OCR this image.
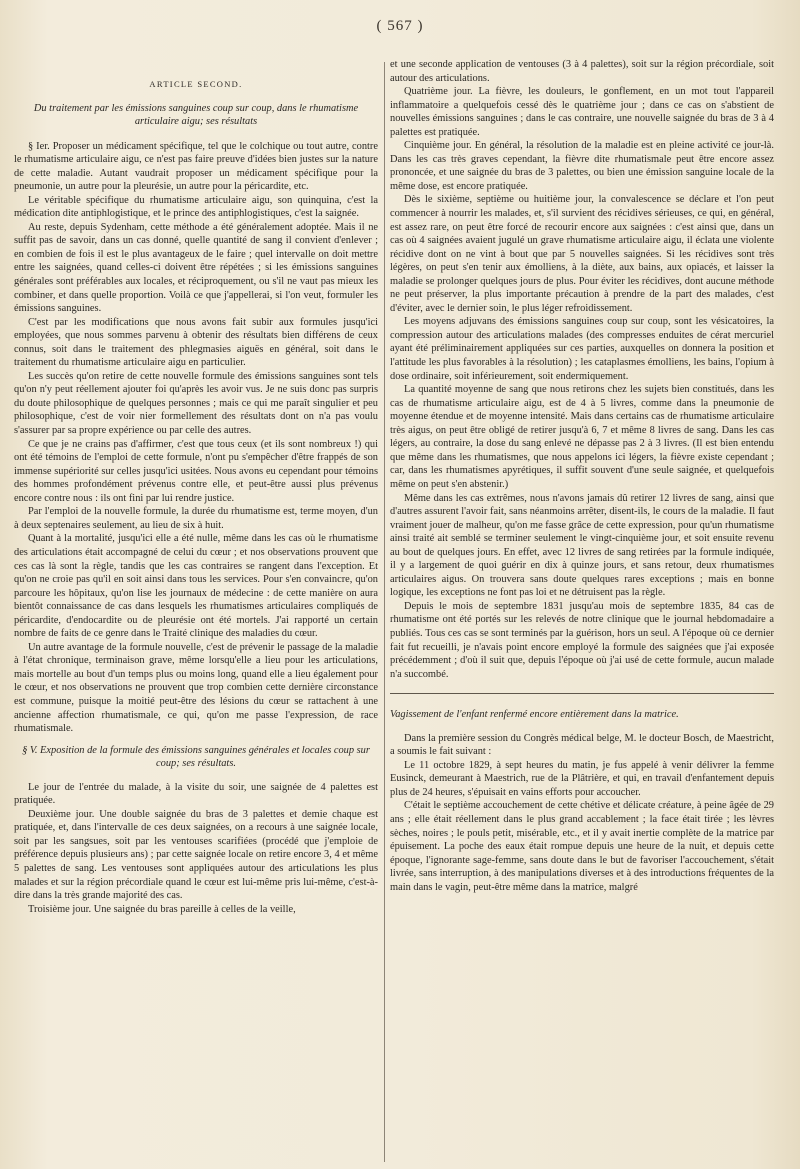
( 567 )

ARTICLE SECOND.

Du traitement par les émissions sanguines coup sur coup, dans le rhumatisme articulaire aigu; ses résultats

§ Ier. Proposer un médicament spécifique, tel que le colchique ou tout autre, contre le rhumatisme articulaire aigu, ce n'est pas faire preuve d'idées bien justes sur la nature de cette maladie. Autant vaudrait proposer un médicament spécifique pour la pneumonie, un autre pour la pleurésie, un autre pour la péricardite, etc.

Le véritable spécifique du rhumatisme articulaire aigu, son quinquina, c'est la médication dite antiphlogistique, et le prince des antiphlogistiques, c'est la saignée.

Au reste, depuis Sydenham, cette méthode a été généralement adoptée. Mais il ne suffit pas de savoir, dans un cas donné, quelle quantité de sang il convient d'enlever ; en combien de fois il est le plus avantageux de le faire ; quel intervalle on doit mettre entre les saignées, quand celles-ci doivent être répétées ; si les émissions sanguines générales sont préférables aux locales, et réciproquement, ou s'il ne vaut pas mieux les combiner, et dans quelle proportion. Voilà ce que j'appellerai, si l'on veut, formuler les émissions sanguines.

C'est par les modifications que nous avons fait subir aux formules jusqu'ici employées, que nous sommes parvenu à obtenir des résultats bien différens de ceux connus, soit dans le traitement des phlegmasies aiguës en général, soit dans le traitement du rhumatisme articulaire aigu en particulier.

Les succès qu'on retire de cette nouvelle formule des émissions sanguines sont tels qu'on n'y peut réellement ajouter foi qu'après les avoir vus. Je ne suis donc pas surpris du doute philosophique de quelques personnes ; mais ce qui me paraît singulier et peu philosophique, c'est de voir nier formellement des résultats dont on n'a pas voulu s'assurer par sa propre expérience ou par celle des autres.

Ce que je ne crains pas d'affirmer, c'est que tous ceux (et ils sont nombreux !) qui ont été témoins de l'emploi de cette formule, n'ont pu s'empêcher d'être frappés de son immense supériorité sur celles jusqu'ici usitées. Nous avons eu cependant pour témoins des hommes profondément prévenus contre elle, et peut-être aussi plus prévenus encore contre nous : ils ont fini par lui rendre justice.

Par l'emploi de la nouvelle formule, la durée du rhumatisme est, terme moyen, d'un à deux septenaires seulement, au lieu de six à huit.

Quant à la mortalité, jusqu'ici elle a été nulle, même dans les cas où le rhumatisme des articulations était accompagné de celui du cœur ; et nos observations prouvent que ces cas là sont la règle, tandis que les cas contraires se rangent dans l'exception. Et qu'on ne croie pas qu'il en soit ainsi dans tous les services. Pour s'en convaincre, qu'on parcoure les hôpitaux, qu'on lise les journaux de médecine : de cette manière on aura bientôt connaissance de cas dans lesquels les rhumatismes articulaires compliqués de péricardite, d'endocardite ou de pleurésie ont été mortels. J'ai rapporté un certain nombre de faits de ce genre dans le Traité clinique des maladies du cœur.

Un autre avantage de la formule nouvelle, c'est de prévenir le passage de la maladie à l'état chronique, terminaison grave, même lorsqu'elle a lieu pour les articulations, mais mortelle au bout d'un temps plus ou moins long, quand elle a lieu également pour le cœur, et nos observations ne prouvent que trop combien cette dernière circonstance est commune, puisque la moitié peut-être des lésions du cœur se rattachent à une ancienne affection rhumatismale, ce qui, qu'on me passe l'expression, de race rhumatismale.

§ V. Exposition de la formule des émissions sanguines générales et locales coup sur coup; ses résultats.

Le jour de l'entrée du malade, à la visite du soir, une saignée de 4 palettes est pratiquée.

Deuxième jour. Une double saignée du bras de 3 palettes et demie chaque est pratiquée, et, dans l'intervalle de ces deux saignées, on a recours à une saignée locale, soit par les sangsues, soit par les ventouses scarifiées (procédé que j'emploie de préférence depuis plusieurs ans) ; par cette saignée locale on retire encore 3, 4 et même 5 palettes de sang. Les ventouses sont appliquées autour des articulations les plus malades et sur la région précordiale quand le cœur est lui-même pris lui-même, c'est-à-dire dans la très grande majorité des cas.

Troisième jour. Une saignée du bras pareille à celles de la veille,

et une seconde application de ventouses (3 à 4 palettes), soit sur la région précordiale, soit autour des articulations.

Quatrième jour. La fièvre, les douleurs, le gonflement, en un mot tout l'appareil inflammatoire a quelquefois cessé dès le quatrième jour ; dans ce cas on s'abstient de nouvelles émissions sanguines ; dans le cas contraire, une nouvelle saignée du bras de 3 à 4 palettes est pratiquée.

Cinquième jour. En général, la résolution de la maladie est en pleine activité ce jour-là. Dans les cas très graves cependant, la fièvre dite rhumatismale peut être encore assez prononcée, et une saignée du bras de 3 palettes, ou bien une émission sanguine locale de la même dose, est encore pratiquée.

Dès le sixième, septième ou huitième jour, la convalescence se déclare et l'on peut commencer à nourrir les malades, et, s'il survient des récidives sérieuses, ce qui, en général, est assez rare, on peut être forcé de recourir encore aux saignées : c'est ainsi que, dans un cas où 4 saignées avaient jugulé un grave rhumatisme articulaire aigu, il éclata une violente récidive dont on ne vint à bout que par 5 nouvelles saignées. Si les récidives sont très légères, on peut s'en tenir aux émolliens, à la diète, aux bains, aux opiacés, et laisser la maladie se prolonger quelques jours de plus. Pour éviter les récidives, dont aucune méthode ne peut préserver, la plus importante précaution à prendre de la part des malades, c'est d'éviter, avec le dernier soin, le plus léger refroidissement.

Les moyens adjuvans des émissions sanguines coup sur coup, sont les vésicatoires, la compression autour des articulations malades (des compresses enduites de cérat mercuriel ayant été préliminairement appliquées sur ces parties, auxquelles on donnera la position et l'attitude les plus favorables à la résolution) ; les cataplasmes émolliens, les bains, l'opium à dose ordinaire, soit inférieurement, soit endermiquement.

La quantité moyenne de sang que nous retirons chez les sujets bien constitués, dans les cas de rhumatisme articulaire aigu, est de 4 à 5 livres, comme dans la pneumonie de moyenne étendue et de moyenne intensité. Mais dans certains cas de rhumatisme articulaire très aigus, on peut être obligé de retirer jusqu'à 6, 7 et même 8 livres de sang. Dans les cas légers, au contraire, la dose du sang enlevé ne dépasse pas 2 à 3 livres. (Il est bien entendu que même dans les rhumatismes, que nous appelons ici légers, la fièvre existe cependant ; car, dans les rhumatismes apyrétiques, il suffit souvent d'une seule saignée, et quelquefois même on peut s'en abstenir.)

Même dans les cas extrêmes, nous n'avons jamais dû retirer 12 livres de sang, ainsi que d'autres assurent l'avoir fait, sans néanmoins arrêter, disent-ils, le cours de la maladie. Il faut vraiment jouer de malheur, qu'on me fasse grâce de cette expression, pour qu'un rhumatisme ainsi traité ait semblé se terminer seulement le vingt-cinquième jour, et soit ensuite revenu au bout de quelques jours. En effet, avec 12 livres de sang retirées par la formule indiquée, il y a largement de quoi guérir en dix à quinze jours, et sans retour, deux rhumatismes articulaires aigus. On trouvera sans doute quelques rares exceptions ; mais en bonne logique, les exceptions ne font pas loi et ne détruisent pas la règle.

Depuis le mois de septembre 1831 jusqu'au mois de septembre 1835, 84 cas de rhumatisme ont été portés sur les relevés de notre clinique que le journal hebdomadaire a publiés. Tous ces cas se sont terminés par la guérison, hors un seul. A l'époque où ce dernier fait fut recueilli, je n'avais point encore employé la formule des saignées que j'ai exposée précédemment ; d'où il suit que, depuis l'époque où j'ai usé de cette formule, aucun malade n'a succombé.

Vagissement de l'enfant renfermé encore entièrement dans la matrice.

Dans la première session du Congrès médical belge, M. le docteur Bosch, de Maestricht, a soumis le fait suivant :

Le 11 octobre 1829, à sept heures du matin, je fus appelé à venir délivrer la femme Eusinck, demeurant à Maestrich, rue de la Plâtrière, et qui, en travail d'enfantement depuis plus de 24 heures, s'épuisait en vains efforts pour accoucher.

C'était le septième accouchement de cette chétive et délicate créature, à peine âgée de 29 ans ; elle était réellement dans le plus grand accablement ; la face était tirée ; les lèvres sèches, noires ; le pouls petit, misérable, etc., et il y avait inertie complète de la matrice par épuisement. La poche des eaux était rompue depuis une heure de la nuit, et depuis cette époque, l'ignorante sage-femme, sans doute dans le but de favoriser l'accouchement, s'était livrée, sans interruption, à des manipulations diverses et à des introductions fréquentes de la main dans le vagin, peut-être même dans la matrice, malgré
